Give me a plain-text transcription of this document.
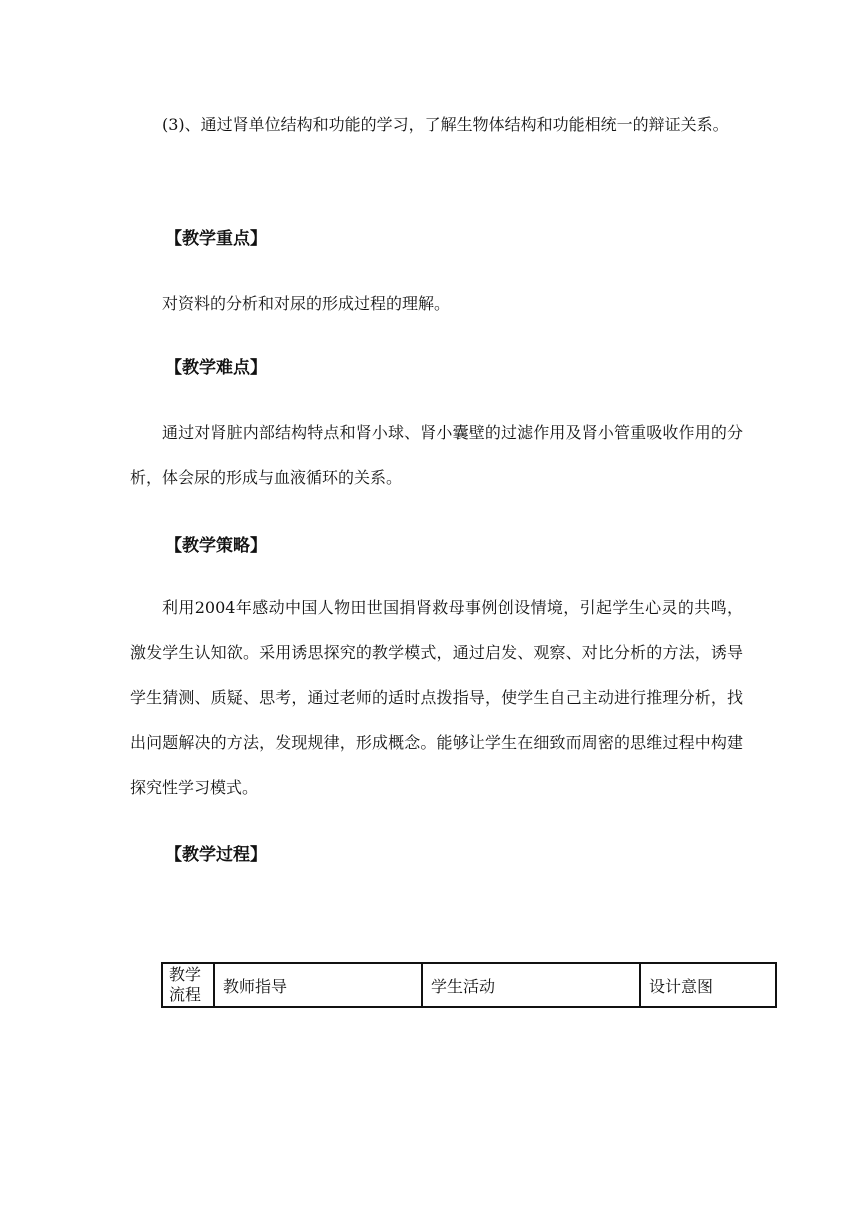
(3)、通过肾单位结构和功能的学习，了解生物体结构和功能相统一的辩证关系。

【教学重点】

对资料的分析和对尿的形成过程的理解。

【教学难点】

通过对肾脏内部结构特点和肾小球、肾小囊壁的过滤作用及肾小管重吸收作用的分析，体会尿的形成与血液循环的关系。

【教学策略】

利用2004年感动中国人物田世国捐肾救母事例创设情境，引起学生心灵的共鸣，激发学生认知欲。采用诱思探究的教学模式，通过启发、观察、对比分析的方法，诱导学生猜测、质疑、思考，通过老师的适时点拨指导，使学生自己主动进行推理分析，找出问题解决的方法，发现规律，形成概念。能够让学生在细致而周密的思维过程中构建探究性学习模式。

【教学过程】
教学流程	教师指导	学生活动	设计意图
